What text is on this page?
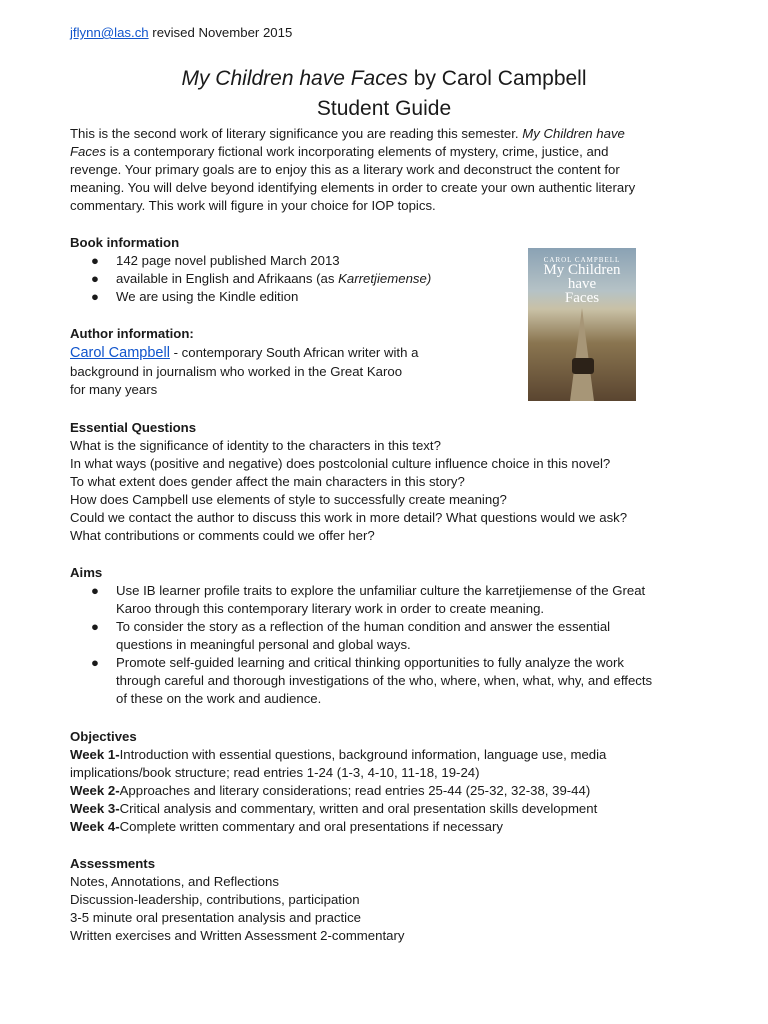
jflynn@las.ch revised November 2015
My Children have Faces by Carol Campbell
Student Guide
This is the second work of literary significance you are reading this semester. My Children have
Faces is a contemporary fictional work incorporating elements of mystery, crime, justice, and
revenge. Your primary goals are to enjoy this as a literary work and deconstruct the content for
meaning. You will delve beyond identifying elements in order to create your own authentic literary
commentary. This work will figure in your choice for IOP topics.
Book information
● 142 page novel published March 2013
● available in English and Afrikaans (as Karretjiemense)
● We are using the Kindle edition
Author information:
Carol Campbell - contemporary South African writer with a
background in journalism who worked in the Great Karoo
for many years
CAROL CAMPBELL
My Children
have
Faces
Essential Questions
What is the significance of identity to the characters in this text?
In what ways (positive and negative) does postcolonial culture influence choice in this novel?
To what extent does gender affect the main characters in this story?
How does Campbell use elements of style to successfully create meaning?
Could we contact the author to discuss this work in more detail? What questions would we ask?
What contributions or comments could we offer her?
Aims
● Use IB learner profile traits to explore the unfamiliar culture the karretjiemense of the Great
Karoo through this contemporary literary work in order to create meaning.
● To consider the story as a reflection of the human condition and answer the essential
questions in meaningful personal and global ways.
● Promote self-guided learning and critical thinking opportunities to fully analyze the work
through careful and thorough investigations of the who, where, when, what, why, and effects
of these on the work and audience.
Objectives
Week 1-Introduction with essential questions, background information, language use, media
implications/book structure; read entries 1-24 (1-3, 4-10, 11-18, 19-24)
Week 2-Approaches and literary considerations; read entries 25-44 (25-32, 32-38, 39-44)
Week 3-Critical analysis and commentary, written and oral presentation skills development
Week 4-Complete written commentary and oral presentations if necessary
Assessments
Notes, Annotations, and Reflections
Discussion-leadership, contributions, participation
3-5 minute oral presentation analysis and practice
Written exercises and Written Assessment 2-commentary
